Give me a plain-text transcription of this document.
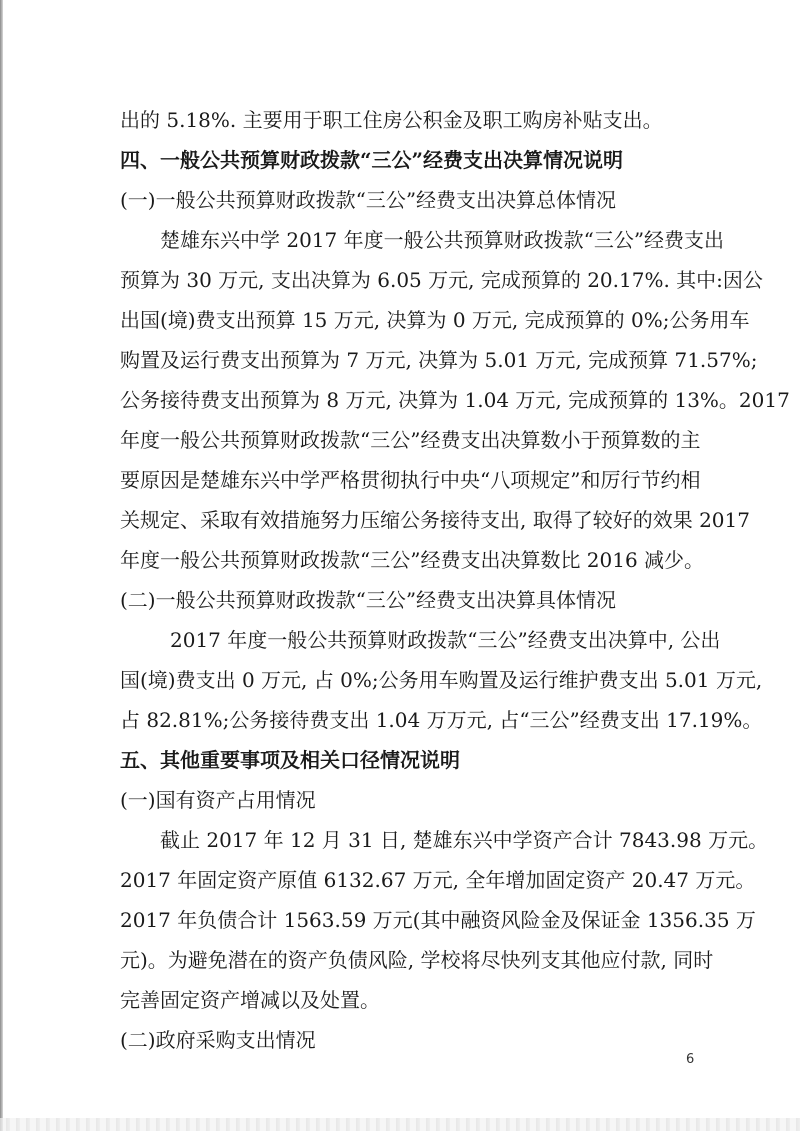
出的 5.18%. 主要用于职工住房公积金及职工购房补贴支出。
四、一般公共预算财政拨款“三公”经费支出决算情况说明
(一)一般公共预算财政拨款“三公”经费支出决算总体情况
楚雄东兴中学 2017 年度一般公共预算财政拨款“三公”经费支出
预算为 30 万元, 支出决算为 6.05 万元, 完成预算的 20.17%. 其中:因公
出国(境)费支出预算 15 万元, 决算为 0 万元, 完成预算的 0%;公务用车
购置及运行费支出预算为 7 万元, 决算为 5.01 万元, 完成预算 71.57%;
公务接待费支出预算为 8 万元, 决算为 1.04 万元, 完成预算的 13%。2017
年度一般公共预算财政拨款“三公”经费支出决算数小于预算数的主
要原因是楚雄东兴中学严格贯彻执行中央“八项规定”和厉行节约相
关规定、采取有效措施努力压缩公务接待支出, 取得了较好的效果 2017
年度一般公共预算财政拨款“三公”经费支出决算数比 2016 减少。
(二)一般公共预算财政拨款“三公”经费支出决算具体情况
2017 年度一般公共预算财政拨款“三公”经费支出决算中, 公出
国(境)费支出 0 万元, 占 0%;公务用车购置及运行维护费支出 5.01 万元,
占 82.81%;公务接待费支出 1.04 万万元, 占“三公”经费支出 17.19%。
五、其他重要事项及相关口径情况说明
(一)国有资产占用情况
截止 2017 年 12 月 31 日, 楚雄东兴中学资产合计 7843.98 万元。
2017 年固定资产原值 6132.67 万元, 全年增加固定资产 20.47 万元。
2017 年负债合计 1563.59 万元(其中融资风险金及保证金 1356.35 万
元)。为避免潜在的资产负债风险, 学校将尽快列支其他应付款, 同时
完善固定资产增减以及处置。
(二)政府采购支出情况
6
